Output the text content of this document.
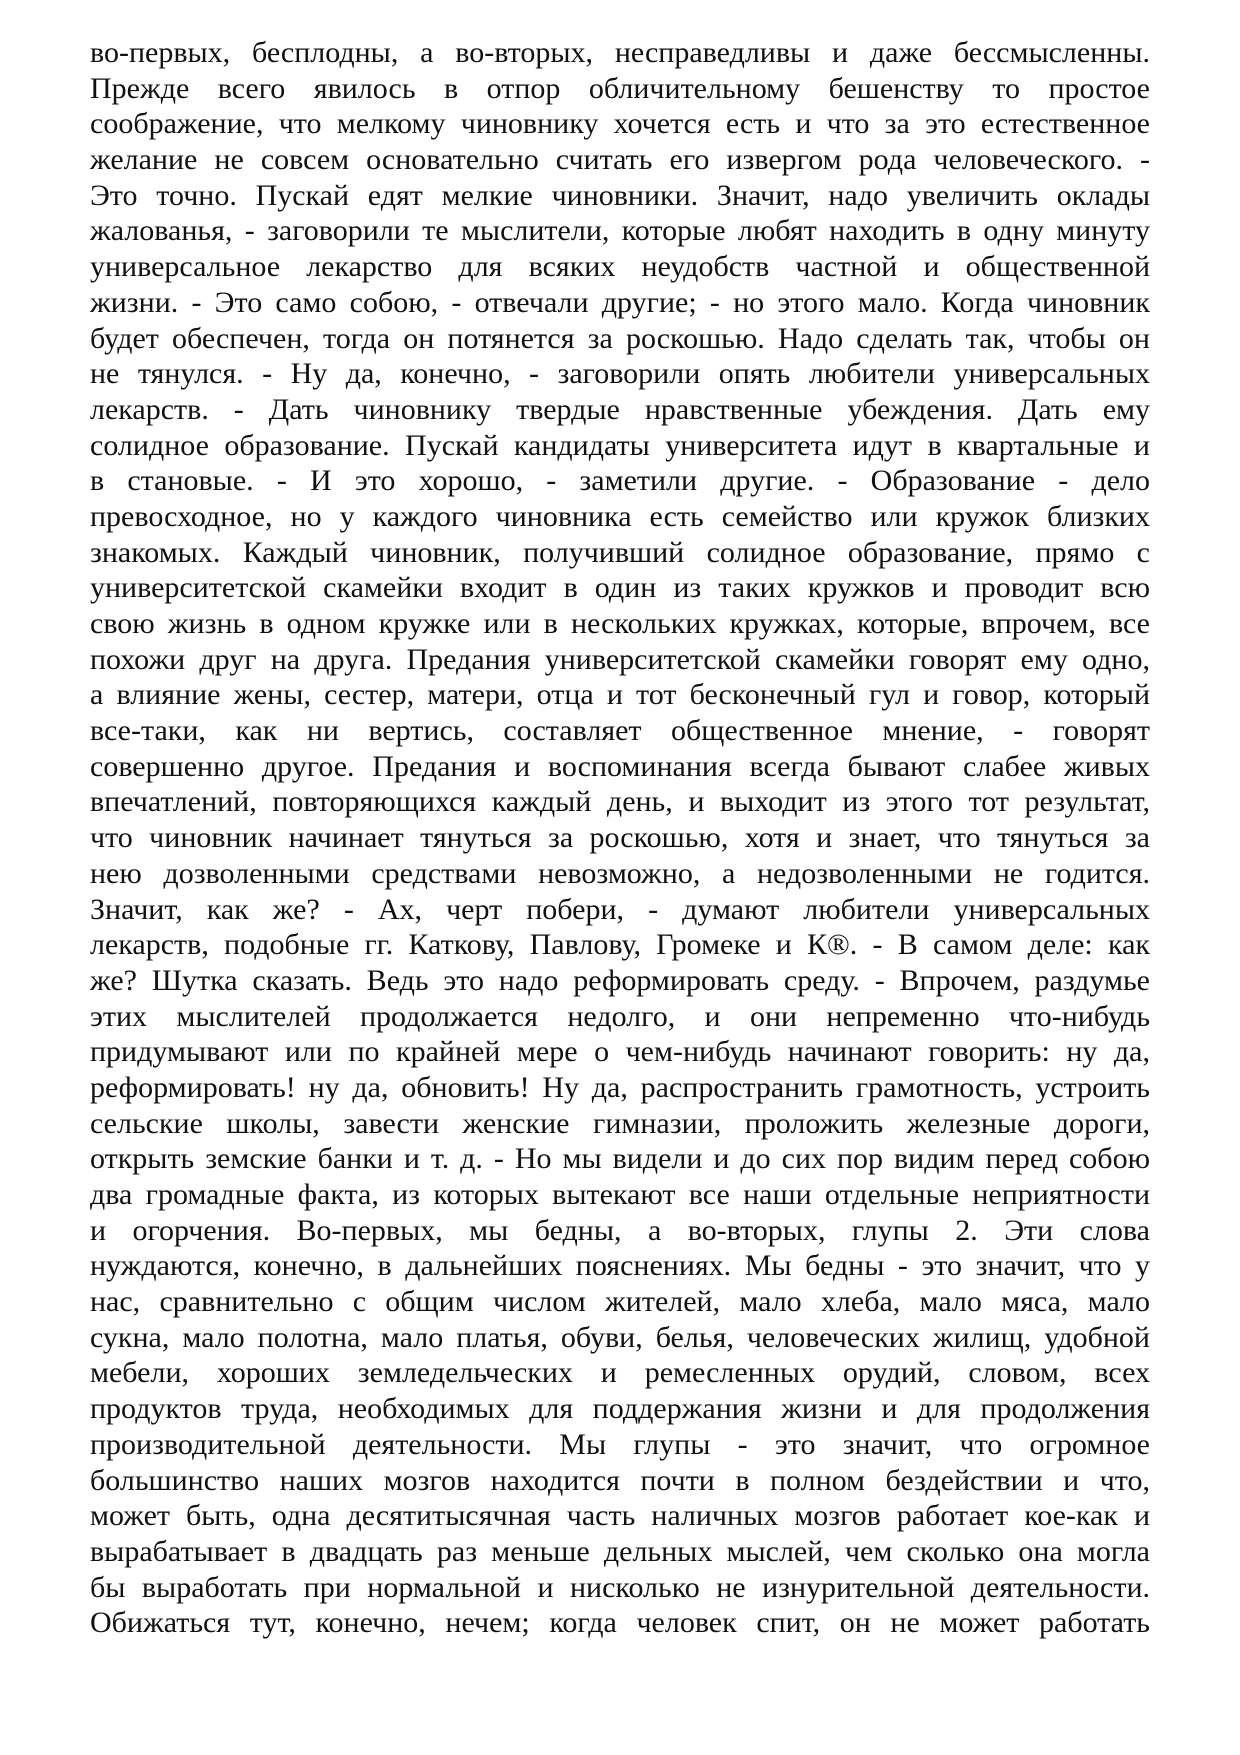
во-первых, бесплодны, а во-вторых, несправедливы и даже бессмысленны.
Прежде всего явилось в отпор обличительному бешенству то простое
соображение, что мелкому чиновнику хочется есть и что за это естественное
желание не совсем основательно считать его извергом рода человеческого. -
Это точно. Пускай едят мелкие чиновники. Значит, надо увеличить оклады
жалованья, - заговорили те мыслители, которые любят находить в одну минуту
универсальное лекарство для всяких неудобств частной и общественной
жизни. - Это само собою, - отвечали другие; - но этого мало. Когда чиновник
будет обеспечен, тогда он потянется за роскошью. Надо сделать так, чтобы он
не тянулся. - Ну да, конечно, - заговорили опять любители универсальных
лекарств. - Дать чиновнику твердые нравственные убеждения. Дать ему
солидное образование. Пускай кандидаты университета идут в квартальные и
в становые. - И это хорошо, - заметили другие. - Образование - дело
превосходное, но у каждого чиновника есть семейство или кружок близких
знакомых. Каждый чиновник, получивший солидное образование, прямо с
университетской скамейки входит в один из таких кружков и проводит всю
свою жизнь в одном кружке или в нескольких кружках, которые, впрочем, все
похожи друг на друга. Предания университетской скамейки говорят ему одно,
а влияние жены, сестер, матери, отца и тот бесконечный гул и говор, который
все-таки, как ни вертись, составляет общественное мнение, - говорят
совершенно другое. Предания и воспоминания всегда бывают слабее живых
впечатлений, повторяющихся каждый день, и выходит из этого тот результат,
что чиновник начинает тянуться за роскошью, хотя и знает, что тянуться за
нею дозволенными средствами невозможно, а недозволенными не годится.
Значит, как же? - Ах, черт побери, - думают любители универсальных
лекарств, подобные гг. Каткову, Павлову, Громеке и К®. - В самом деле: как
же? Шутка сказать. Ведь это надо реформировать среду. - Впрочем, раздумье
этих мыслителей продолжается недолго, и они непременно что-нибудь
придумывают или по крайней мере о чем-нибудь начинают говорить: ну да,
реформировать! ну да, обновить! Ну да, распространить грамотность, устроить
сельские школы, завести женские гимназии, проложить железные дороги,
открыть земские банки и т. д. - Но мы видели и до сих пор видим перед собою
два громадные факта, из которых вытекают все наши отдельные неприятности
и огорчения. Во-первых, мы бедны, а во-вторых, глупы 2. Эти слова
нуждаются, конечно, в дальнейших пояснениях. Мы бедны - это значит, что у
нас, сравнительно с общим числом жителей, мало хлеба, мало мяса, мало
сукна, мало полотна, мало платья, обуви, белья, человеческих жилищ, удобной
мебели, хороших земледельческих и ремесленных орудий, словом, всех
продуктов труда, необходимых для поддержания жизни и для продолжения
производительной деятельности. Мы глупы - это значит, что огромное
большинство наших мозгов находится почти в полном бездействии и что,
может быть, одна десятитысячная часть наличных мозгов работает кое-как и
вырабатывает в двадцать раз меньше дельных мыслей, чем сколько она могла
бы выработать при нормальной и нисколько не изнурительной деятельности.
Обижаться тут, конечно, нечем; когда человек спит, он не может работать
